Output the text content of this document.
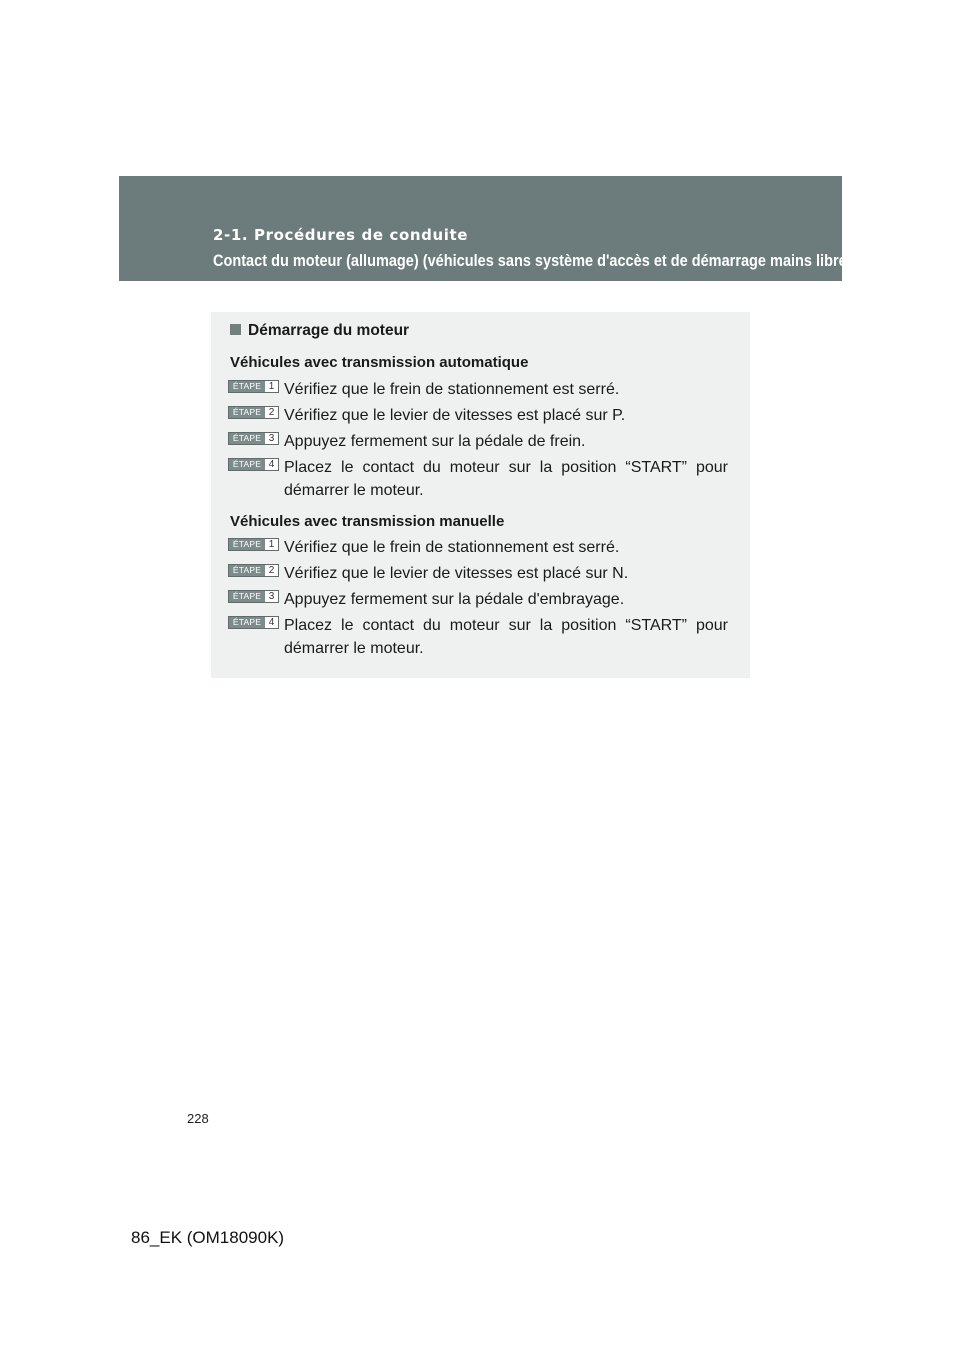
2-1. Procédures de conduite
Contact du moteur (allumage) (véhicules sans système d'accès et de démarrage mains libres)
Démarrage du moteur
Véhicules avec transmission automatique
ÉTAPE 1 Vérifiez que le frein de stationnement est serré.
ÉTAPE 2 Vérifiez que le levier de vitesses est placé sur P.
ÉTAPE 3 Appuyez fermement sur la pédale de frein.
ÉTAPE 4 Placez le contact du moteur sur la position “START” pour démarrer le moteur.
Véhicules avec transmission manuelle
ÉTAPE 1 Vérifiez que le frein de stationnement est serré.
ÉTAPE 2 Vérifiez que le levier de vitesses est placé sur N.
ÉTAPE 3 Appuyez fermement sur la pédale d'embrayage.
ÉTAPE 4 Placez le contact du moteur sur la position “START” pour démarrer le moteur.
228
86_EK (OM18090K)
